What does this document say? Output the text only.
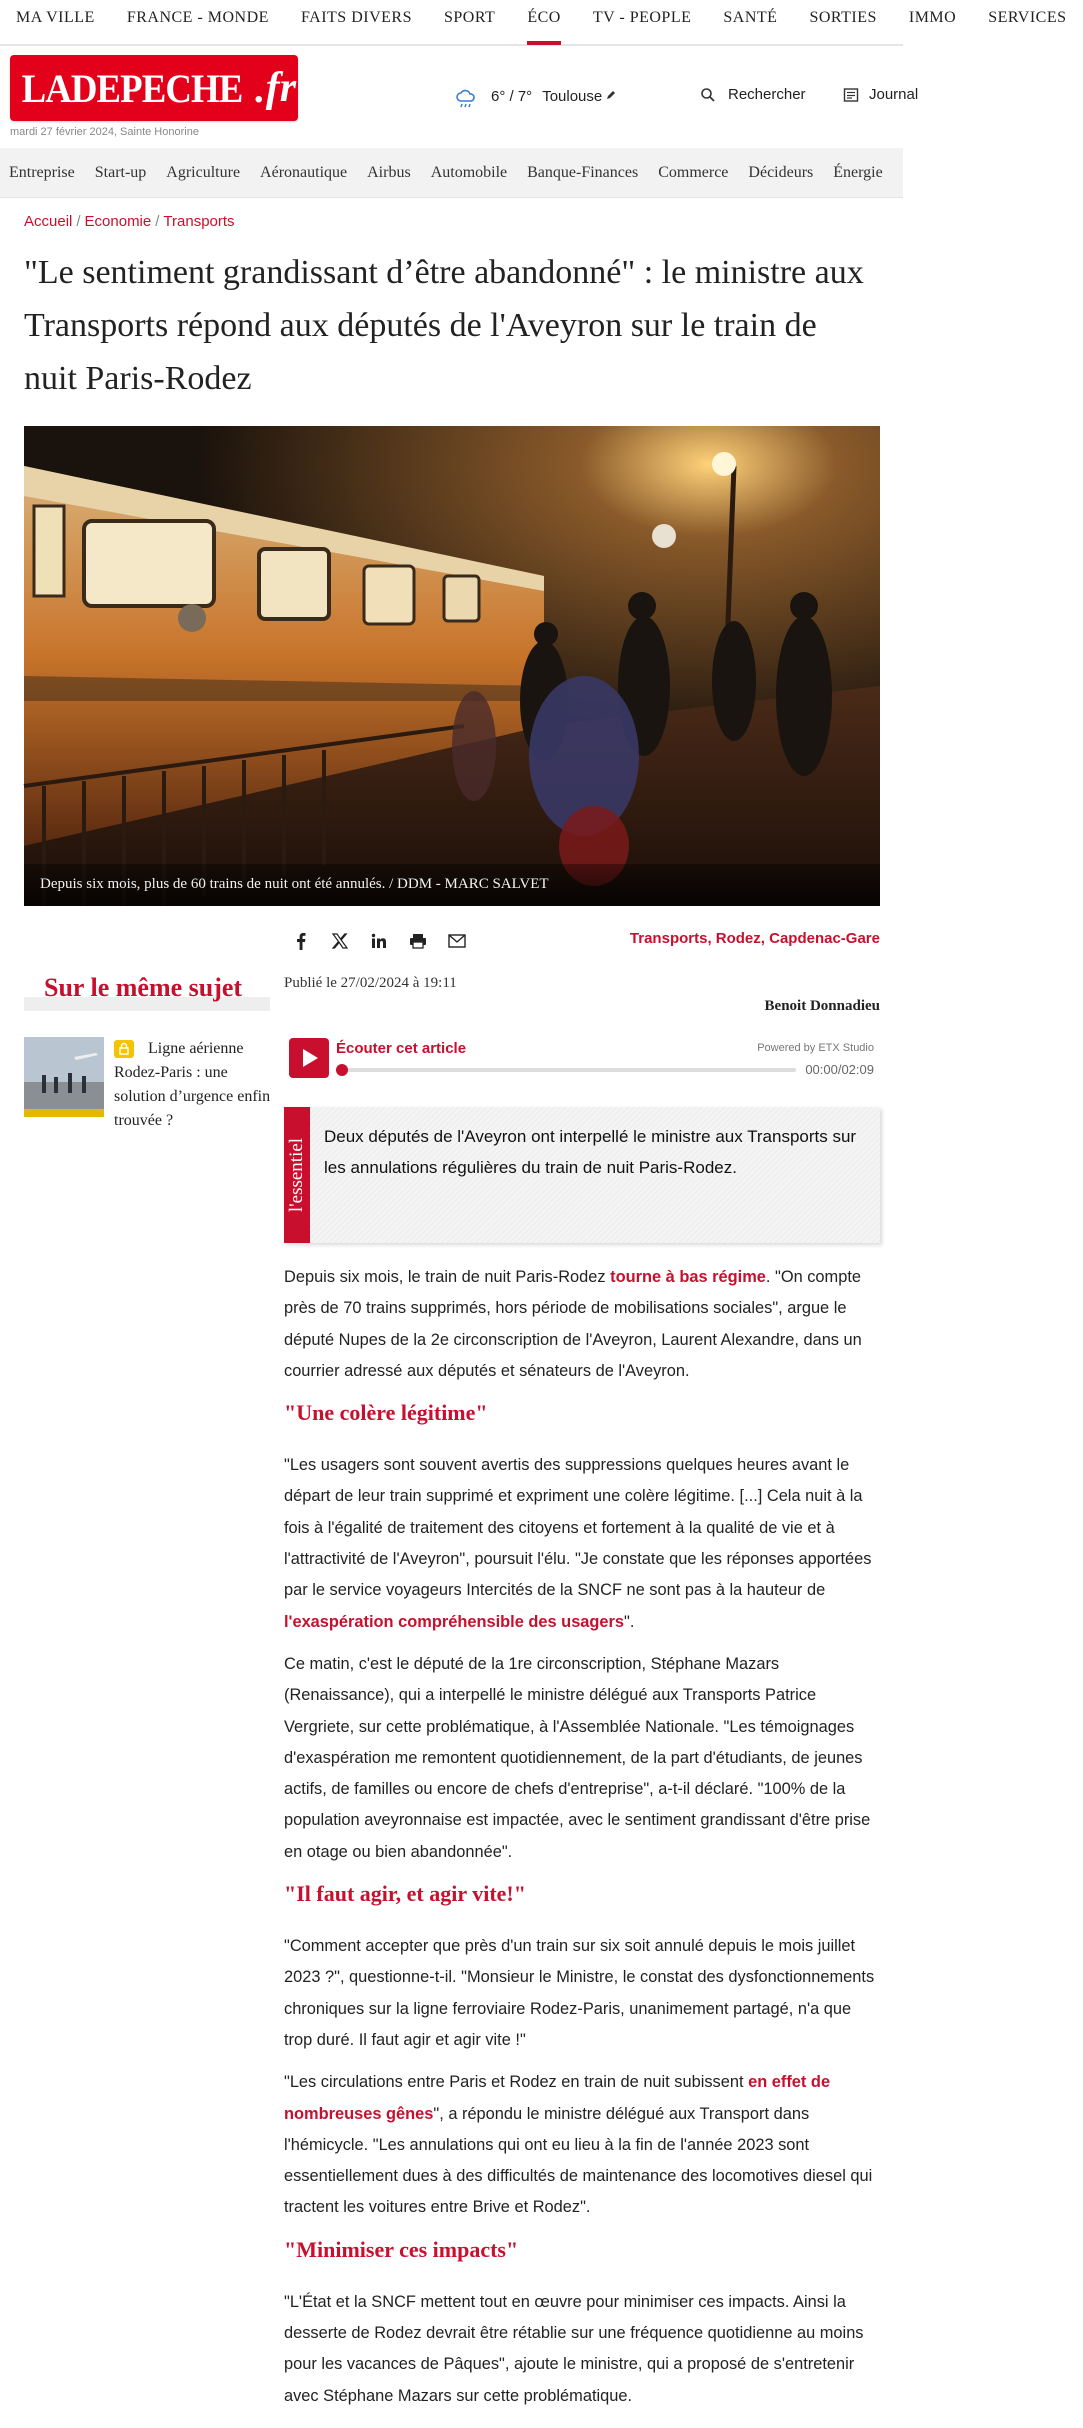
MA VILLE	FRANCE - MONDE	FAITS DIVERS	SPORT	ÉCO	TV - PEOPLE	SANTÉ	SORTIES	IMMO	SERVICES
LADEPECHE . fr
mardi 27 février 2024, Sainte Honorine
6° / 7° Toulouse	Rechercher	Journal
Entreprise	Start-up	Agriculture	Aéronautique	Airbus	Automobile	Banque-Finances	Commerce	Décideurs	Énergie
Accueil / Economie / Transports
"Le sentiment grandissant d’être abandonné" : le ministre aux Transports répond aux députés de l'Aveyron sur le train de nuit Paris-Rodez
Depuis six mois, plus de 60 trains de nuit ont été annulés. / DDM - MARC SALVET
Transports, Rodez, Capdenac-Gare
Sur le même sujet
Ligne aérienne Rodez-Paris : une solution d’urgence enfin trouvée ?
Publié le 27/02/2024 à 19:11
Benoit Donnadieu
Écouter cet article	Powered by ETX Studio
00:00/02:09
l'essentiel
Deux députés de l'Aveyron ont interpellé le ministre aux Transports sur les annulations régulières du train de nuit Paris-Rodez.

Depuis six mois, le train de nuit Paris-Rodez tourne à bas régime. "On compte près de 70 trains supprimés, hors période de mobilisations sociales", argue le député Nupes de la 2e circonscription de l'Aveyron, Laurent Alexandre, dans un courrier adressé aux députés et sénateurs de l'Aveyron.

"Une colère légitime"

"Les usagers sont souvent avertis des suppressions quelques heures avant le départ de leur train supprimé et expriment une colère légitime. [...] Cela nuit à la fois à l'égalité de traitement des citoyens et fortement à la qualité de vie et à l'attractivité de l'Aveyron", poursuit l'élu. "Je constate que les réponses apportées par le service voyageurs Intercités de la SNCF ne sont pas à la hauteur de l'exaspération compréhensible des usagers".

Ce matin, c'est le député de la 1re circonscription, Stéphane Mazars (Renaissance), qui a interpellé le ministre délégué aux Transports Patrice Vergriete, sur cette problématique, à l'Assemblée Nationale. "Les témoignages d'exaspération me remontent quotidiennement, de la part d'étudiants, de jeunes actifs, de familles ou encore de chefs d'entreprise", a-t-il déclaré. "100% de la population aveyronnaise est impactée, avec le sentiment grandissant d'être prise en otage ou bien abandonnée".

"Il faut agir, et agir vite!"

"Comment accepter que près d'un train sur six soit annulé depuis le mois juillet 2023 ?", questionne-t-il. "Monsieur le Ministre, le constat des dysfonctionnements chroniques sur la ligne ferroviaire Rodez-Paris, unanimement partagé, n'a que trop duré. Il faut agir et agir vite !"

"Les circulations entre Paris et Rodez en train de nuit subissent en effet de nombreuses gênes", a répondu le ministre délégué aux Transport dans l'hémicycle. "Les annulations qui ont eu lieu à la fin de l'année 2023 sont essentiellement dues à des difficultés de maintenance des locomotives diesel qui tractent les voitures entre Brive et Rodez".

"Minimiser ces impacts"

"L'État et la SNCF mettent tout en œuvre pour minimiser ces impacts. Ainsi la desserte de Rodez devrait être rétablie sur une fréquence quotidienne au moins pour les vacances de Pâques", ajoute le ministre, qui a proposé de s'entretenir avec Stéphane Mazars sur cette problématique.
